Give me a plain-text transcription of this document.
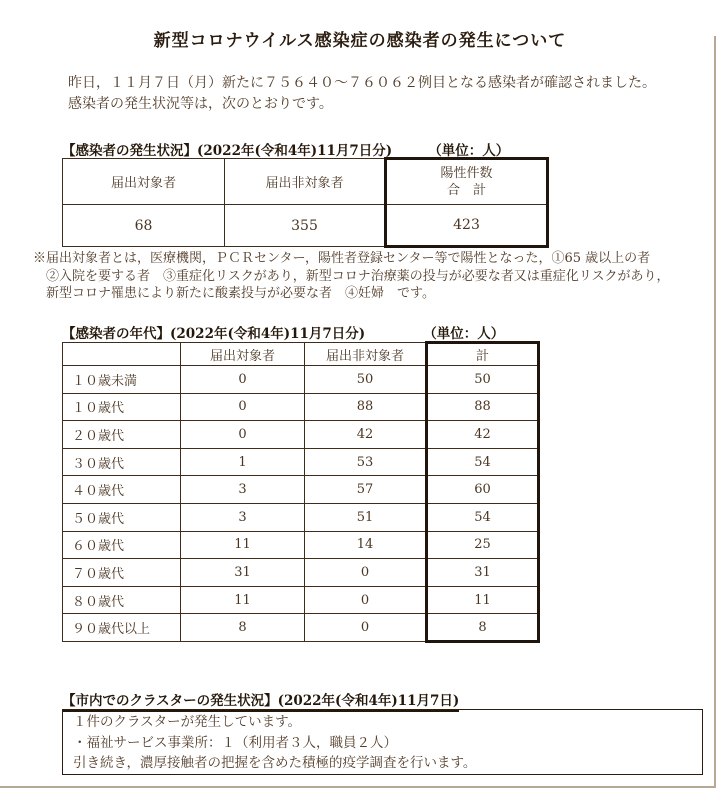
新型コロナウイルス感染症の感染者の発生について
昨日，１１月７日（月）新たに７５６４０～７６０６２例目となる感染者が確認されました。
感染者の発生状況等は，次のとおりです。
【感染者の発生状況】(2022年(令和4年)11月7日分)	（単位：人）
届出対象者	届出非対象者	陽性件数
合　計

68	355	423
※届出対象者とは，医療機関，ＰＣＲセンター，陽性者登録センター等で陽性となった，①65 歳以上の者
②入院を要する者　③重症化リスクがあり，新型コロナ治療薬の投与が必要な者又は重症化リスクがあり，
新型コロナ罹患により新たに酸素投与が必要な者　④妊婦　です。
【感染者の年代】(2022年(令和4年)11月7日分)	（単位：人）
	届出対象者	届出非対象者	計
１０歳未満	0	50	50
１０歳代	0	88	88
２０歳代	0	42	42
３０歳代	1	53	54
４０歳代	3	57	60
５０歳代	3	51	54
６０歳代	11	14	25
７０歳代	31	0	31
８０歳代	11	0	11
９０歳代以上	8	0	8
【市内でのクラスターの発生状況】(2022年(令和4年)11月7日)
１件のクラスターが発生しています。
・福祉サービス事業所：１（利用者３人，職員２人）
引き続き，濃厚接触者の把握を含めた積極的疫学調査を行います。
